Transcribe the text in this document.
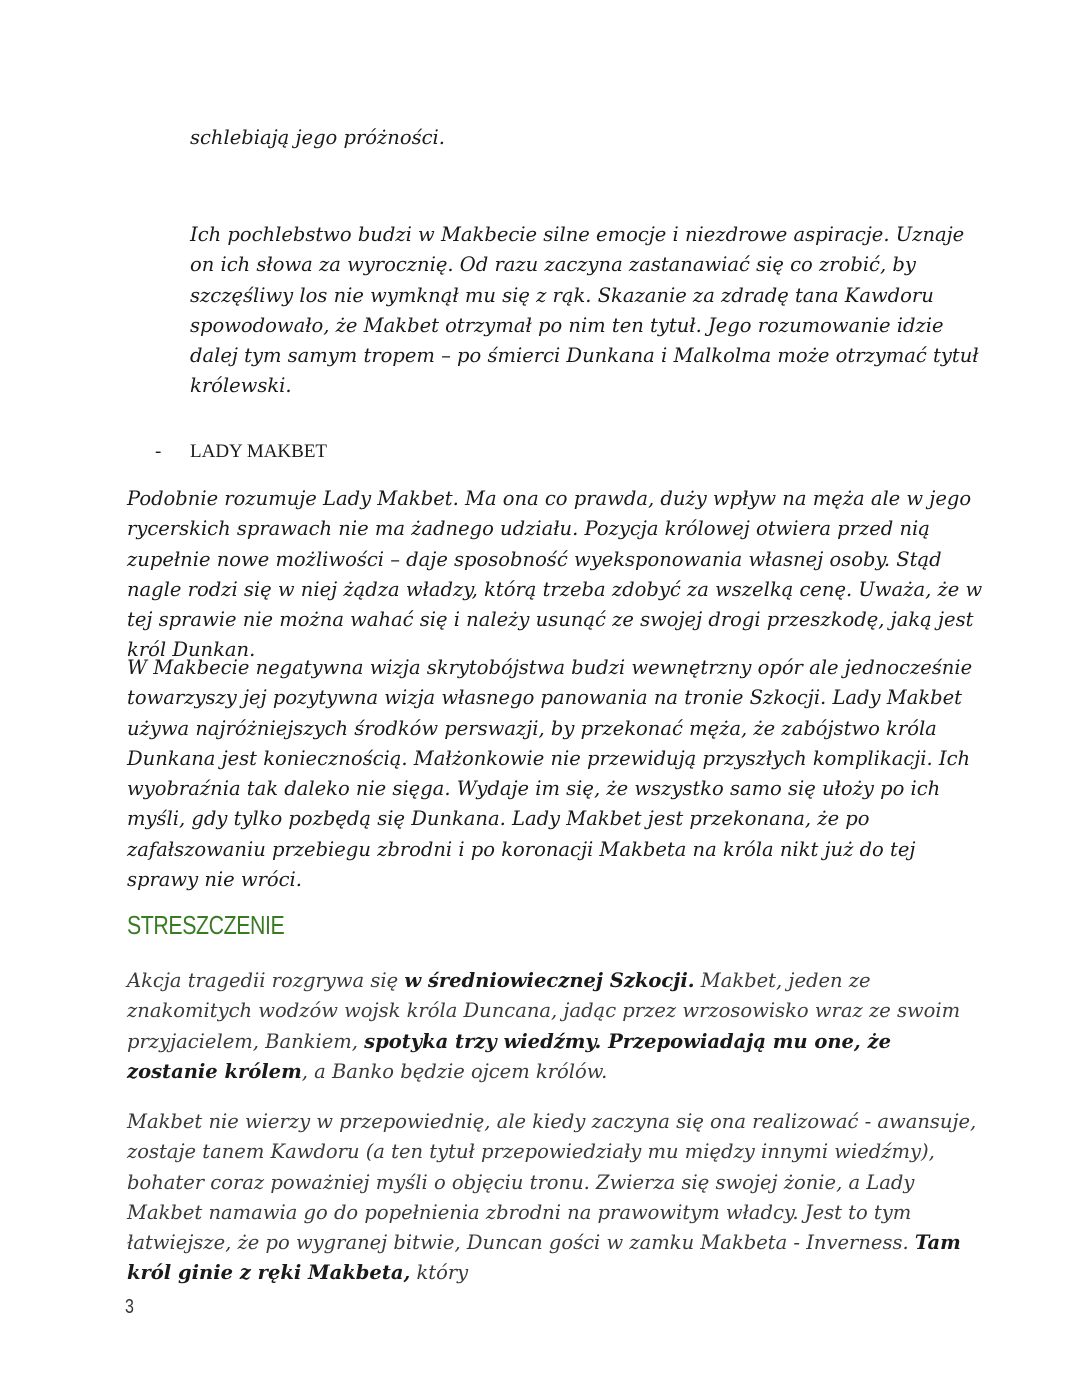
schlebiają jego próżności.

Ich pochlebstwo budzi w Makbecie silne emocje i niezdrowe aspiracje. Uznaje on ich słowa za wyrocznię. Od razu zaczyna zastanawiać się co zrobić, by szczęśliwy los nie wymknął mu się z rąk. Skazanie za zdradę tana Kawdoru spowodowało, że Makbet otrzymał po nim ten tytuł. Jego rozumowanie idzie dalej tym samym tropem – po śmierci Dunkana i Malkolma może otrzymać tytuł królewski.

- LADY MAKBET

Podobnie rozumuje Lady Makbet. Ma ona co prawda, duży wpływ na męża ale w jego rycerskich sprawach nie ma żadnego udziału. Pozycja królowej otwiera przed nią zupełnie nowe możliwości – daje sposobność wyeksponowania własnej osoby. Stąd nagle rodzi się w niej żądza władzy, którą trzeba zdobyć za wszelką cenę. Uważa, że w tej sprawie nie można wahać się i należy usunąć ze swojej drogi przeszkodę, jaką jest król Dunkan.

W Makbecie negatywna wizja skrytobójstwa budzi wewnętrzny opór ale jednocześnie towarzyszy jej pozytywna wizja własnego panowania na tronie Szkocji. Lady Makbet używa najróżniejszych środków perswazji, by przekonać męża, że zabójstwo króla Dunkana jest koniecznością. Małżonkowie nie przewidują przyszłych komplikacji. Ich wyobraźnia tak daleko nie sięga. Wydaje im się, że wszystko samo się ułoży po ich myśli, gdy tylko pozbędą się Dunkana. Lady Makbet jest przekonana, że po zafałszowaniu przebiegu zbrodni i po koronacji Makbeta na króla nikt już do tej sprawy nie wróci.

STRESZCZENIE

Akcja tragedii rozgrywa się w średniowiecznej Szkocji. Makbet, jeden ze znakomitych wodzów wojsk króla Duncana, jadąc przez wrzosowisko wraz ze swoim przyjacielem, Bankiem, spotyka trzy wiedźmy. Przepowiadają mu one, że zostanie królem, a Banko będzie ojcem królów.

Makbet nie wierzy w przepowiednię, ale kiedy zaczyna się ona realizować - awansuje, zostaje tanem Kawdoru (a ten tytuł przepowiedziały mu między innymi wiedźmy), bohater coraz poważniej myśli o objęciu tronu. Zwierza się swojej żonie, a Lady Makbet namawia go do popełnienia zbrodni na prawowitym władcy. Jest to tym łatwiejsze, że po wygranej bitwie, Duncan gości w zamku Makbeta - Inverness. Tam król ginie z ręki Makbeta, który

3
